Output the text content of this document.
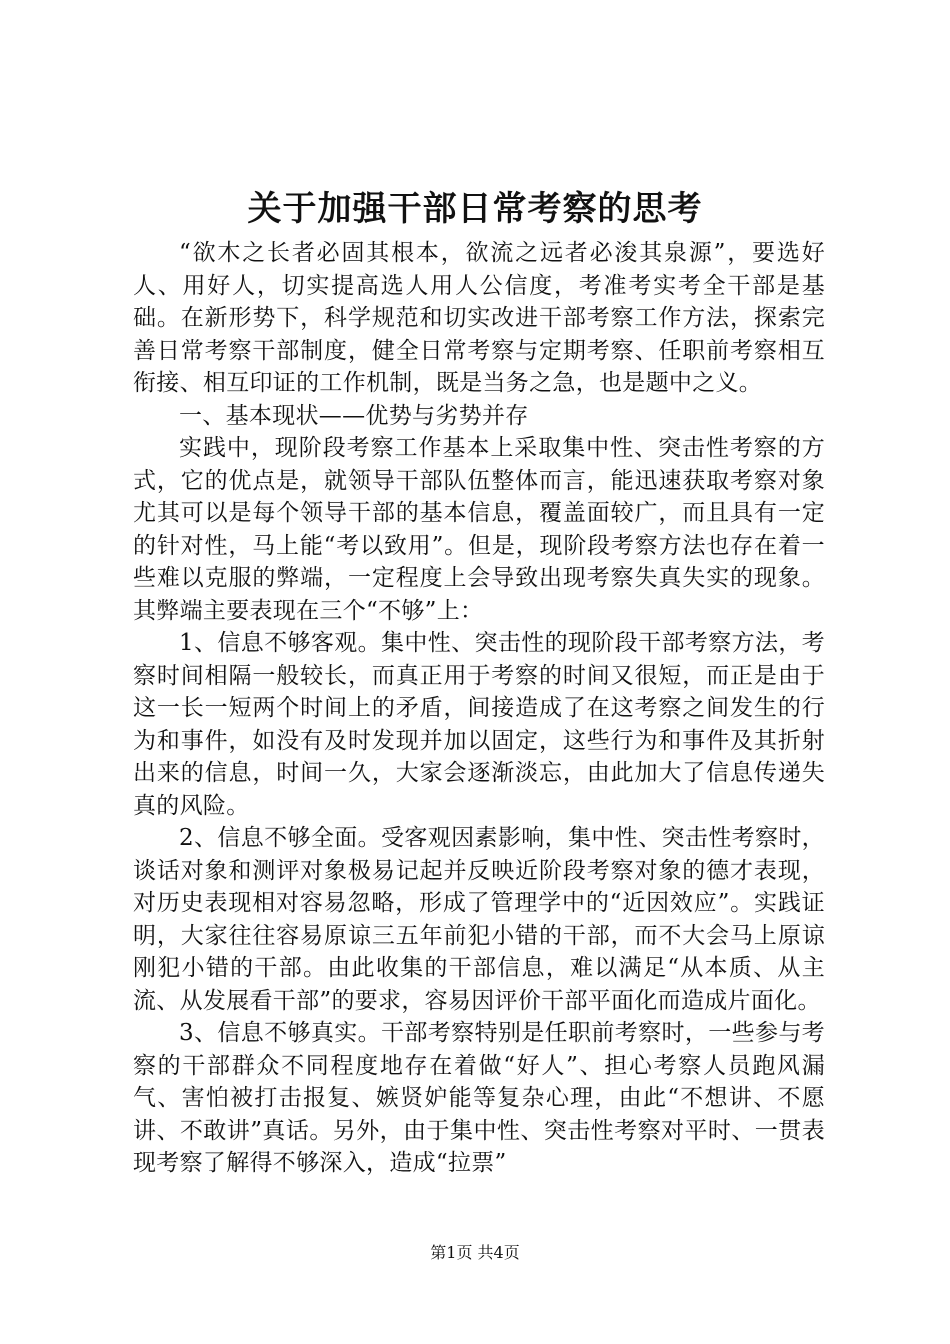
关于加强干部日常考察的思考

“欲木之长者必固其根本，欲流之远者必浚其泉源”，要选好人、用好人，切实提高选人用人公信度，考准考实考全干部是基础。在新形势下，科学规范和切实改进干部考察工作方法，探索完善日常考察干部制度，健全日常考察与定期考察、任职前考察相互衔接、相互印证的工作机制，既是当务之急，也是题中之义。

一、基本现状——优势与劣势并存

实践中，现阶段考察工作基本上采取集中性、突击性考察的方式，它的优点是，就领导干部队伍整体而言，能迅速获取考察对象尤其可以是每个领导干部的基本信息，覆盖面较广，而且具有一定的针对性，马上能“考以致用”。但是，现阶段考察方法也存在着一些难以克服的弊端，一定程度上会导致出现考察失真失实的现象。其弊端主要表现在三个“不够”上：

1、信息不够客观。集中性、突击性的现阶段干部考察方法，考察时间相隔一般较长，而真正用于考察的时间又很短，而正是由于这一长一短两个时间上的矛盾，间接造成了在这考察之间发生的行为和事件，如没有及时发现并加以固定，这些行为和事件及其折射出来的信息，时间一久，大家会逐渐淡忘，由此加大了信息传递失真的风险。

2、信息不够全面。受客观因素影响，集中性、突击性考察时，谈话对象和测评对象极易记起并反映近阶段考察对象的德才表现，对历史表现相对容易忽略，形成了管理学中的“近因效应”。实践证明，大家往往容易原谅三五年前犯小错的干部，而不大会马上原谅刚犯小错的干部。由此收集的干部信息，难以满足“从本质、从主流、从发展看干部”的要求，容易因评价干部平面化而造成片面化。

3、信息不够真实。干部考察特别是任职前考察时，一些参与考察的干部群众不同程度地存在着做“好人”、担心考察人员跑风漏气、害怕被打击报复、嫉贤妒能等复杂心理，由此“不想讲、不愿讲、不敢讲”真话。另外，由于集中性、突击性考察对平时、一贯表现考察了解得不够深入，造成“拉票”

第1页 共4页
